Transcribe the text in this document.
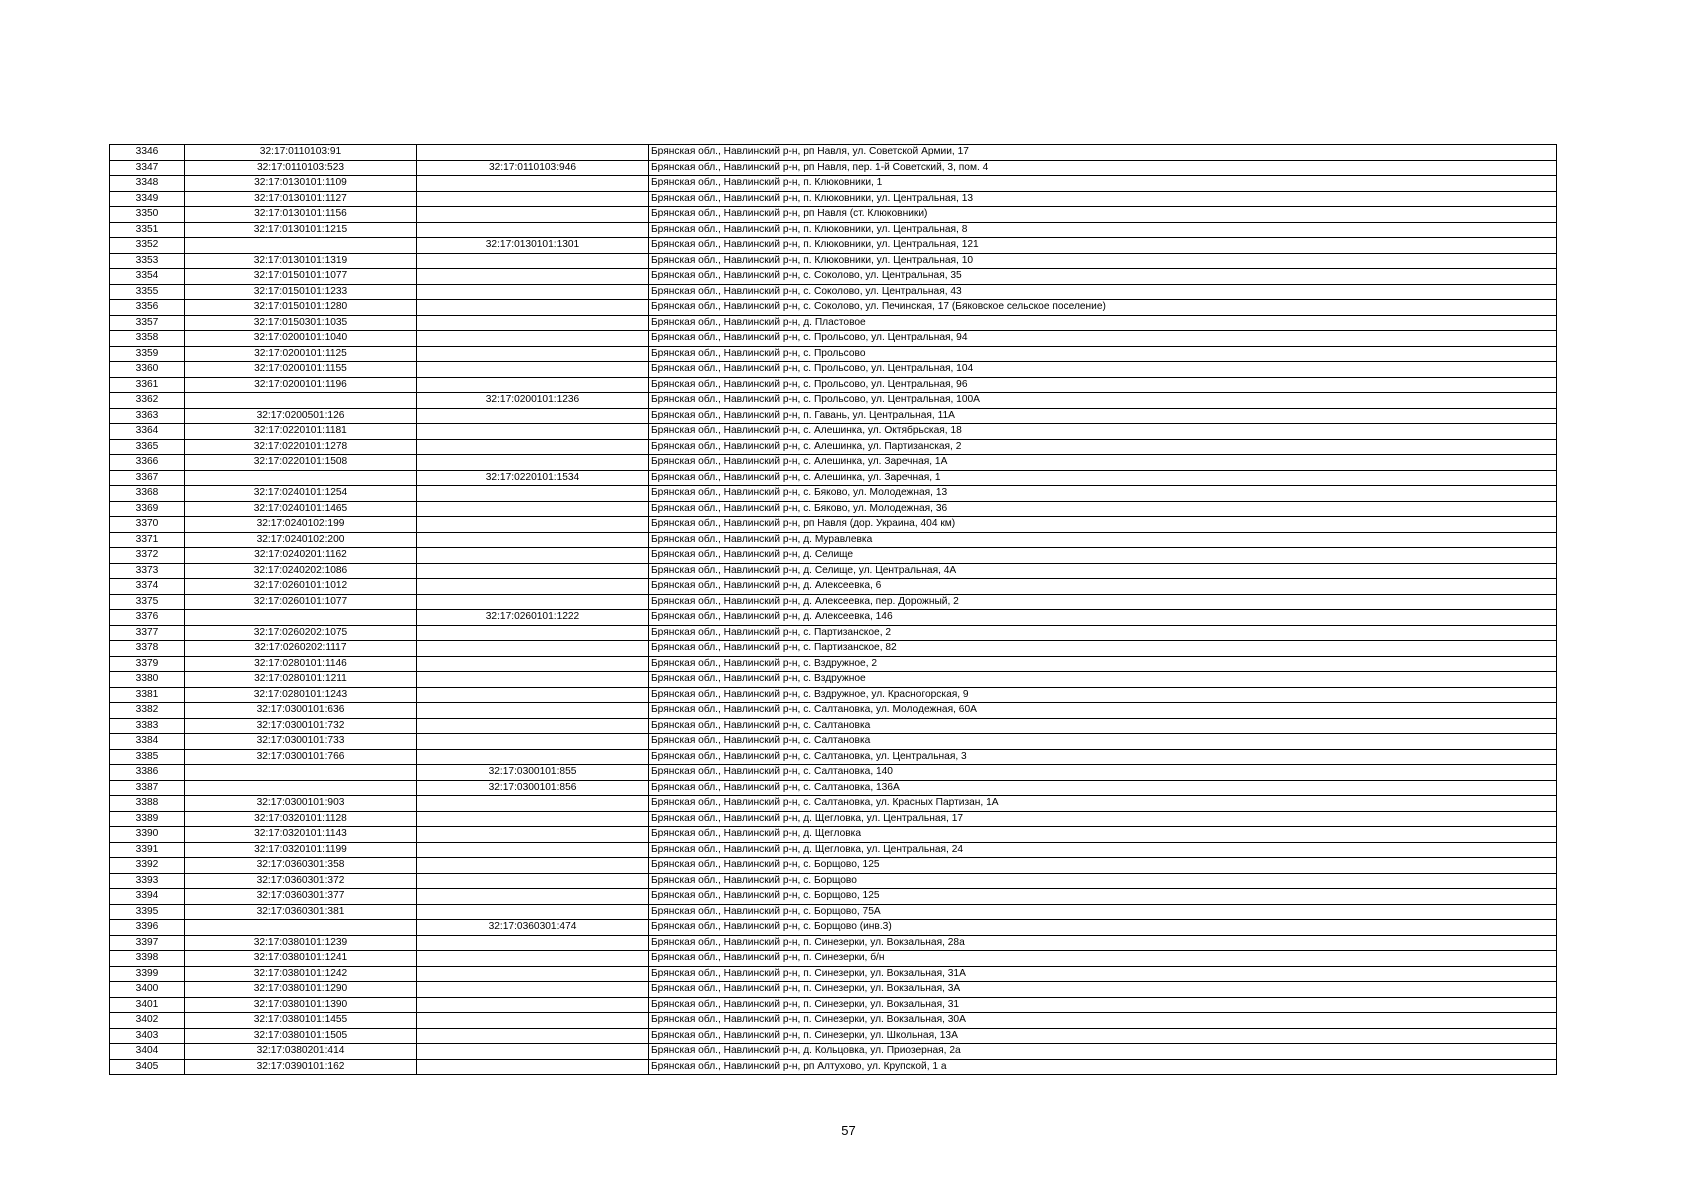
3346	32:17:0110103:91		Брянская обл., Навлинский р-н, рп Навля, ул. Советской Армии, 17
3347	32:17:0110103:523	32:17:0110103:946	Брянская обл., Навлинский р-н, рп Навля, пер. 1-й Советский, 3, пом. 4
3348	32:17:0130101:1109		Брянская обл., Навлинский р-н, п. Клюковники, 1
3349	32:17:0130101:1127		Брянская обл., Навлинский р-н, п. Клюковники, ул. Центральная, 13
3350	32:17:0130101:1156		Брянская обл., Навлинский р-н, рп Навля (ст. Клюковники)
3351	32:17:0130101:1215		Брянская обл., Навлинский р-н, п. Клюковники, ул. Центральная, 8
3352		32:17:0130101:1301	Брянская обл., Навлинский р-н, п. Клюковники, ул. Центральная, 121
3353	32:17:0130101:1319		Брянская обл., Навлинский р-н, п. Клюковники, ул. Центральная, 10
3354	32:17:0150101:1077		Брянская обл., Навлинский р-н, с. Соколово, ул. Центральная, 35
3355	32:17:0150101:1233		Брянская обл., Навлинский р-н, с. Соколово, ул. Центральная, 43
3356	32:17:0150101:1280		Брянская обл., Навлинский р-н, с. Соколово, ул. Печинская, 17 (Бяковское сельское поселение)
3357	32:17:0150301:1035		Брянская обл., Навлинский р-н, д. Пластовое
3358	32:17:0200101:1040		Брянская обл., Навлинский р-н, с. Прольсово, ул. Центральная, 94
3359	32:17:0200101:1125		Брянская обл., Навлинский р-н, с. Прольсово
3360	32:17:0200101:1155		Брянская обл., Навлинский р-н, с. Прольсово, ул. Центральная, 104
3361	32:17:0200101:1196		Брянская обл., Навлинский р-н, с. Прольсово, ул. Центральная, 96
3362		32:17:0200101:1236	Брянская обл., Навлинский р-н, с. Прольсово, ул. Центральная, 100А
3363	32:17:0200501:126		Брянская обл., Навлинский р-н, п. Гавань, ул. Центральная, 11А
3364	32:17:0220101:1181		Брянская обл., Навлинский р-н, с. Алешинка, ул. Октябрьская, 18
3365	32:17:0220101:1278		Брянская обл., Навлинский р-н, с. Алешинка, ул. Партизанская, 2
3366	32:17:0220101:1508		Брянская обл., Навлинский р-н, с. Алешинка, ул. Заречная, 1А
3367		32:17:0220101:1534	Брянская обл., Навлинский р-н, с. Алешинка, ул. Заречная, 1
3368	32:17:0240101:1254		Брянская обл., Навлинский р-н, с. Бяково, ул. Молодежная, 13
3369	32:17:0240101:1465		Брянская обл., Навлинский р-н, с. Бяково, ул. Молодежная, 36
3370	32:17:0240102:199		Брянская обл., Навлинский р-н, рп Навля (дор. Украина, 404 км)
3371	32:17:0240102:200		Брянская обл., Навлинский р-н, д. Муравлевка
3372	32:17:0240201:1162		Брянская обл., Навлинский р-н, д. Селище
3373	32:17:0240202:1086		Брянская обл., Навлинский р-н, д. Селище, ул. Центральная, 4А
3374	32:17:0260101:1012		Брянская обл., Навлинский р-н, д. Алексеевка, 6
3375	32:17:0260101:1077		Брянская обл., Навлинский р-н, д. Алексеевка, пер. Дорожный, 2
3376		32:17:0260101:1222	Брянская обл., Навлинский р-н, д. Алексеевка, 146
3377	32:17:0260202:1075		Брянская обл., Навлинский р-н, с. Партизанское, 2
3378	32:17:0260202:1117		Брянская обл., Навлинский р-н, с. Партизанское, 82
3379	32:17:0280101:1146		Брянская обл., Навлинский р-н, с. Вздружное, 2
3380	32:17:0280101:1211		Брянская обл., Навлинский р-н, с. Вздружное
3381	32:17:0280101:1243		Брянская обл., Навлинский р-н, с. Вздружное, ул. Красногорская, 9
3382	32:17:0300101:636		Брянская обл., Навлинский р-н, с. Салтановка, ул. Молодежная, 60А
3383	32:17:0300101:732		Брянская обл., Навлинский р-н, с. Салтановка
3384	32:17:0300101:733		Брянская обл., Навлинский р-н, с. Салтановка
3385	32:17:0300101:766		Брянская обл., Навлинский р-н, с. Салтановка, ул. Центральная, 3
3386		32:17:0300101:855	Брянская обл., Навлинский р-н, с. Салтановка, 140
3387		32:17:0300101:856	Брянская обл., Навлинский р-н, с. Салтановка, 136А
3388	32:17:0300101:903		Брянская обл., Навлинский р-н, с. Салтановка, ул. Красных Партизан, 1А
3389	32:17:0320101:1128		Брянская обл., Навлинский р-н, д. Щегловка, ул. Центральная, 17
3390	32:17:0320101:1143		Брянская обл., Навлинский р-н, д. Щегловка
3391	32:17:0320101:1199		Брянская обл., Навлинский р-н, д. Щегловка, ул. Центральная, 24
3392	32:17:0360301:358		Брянская обл., Навлинский р-н, с. Борщово, 125
3393	32:17:0360301:372		Брянская обл., Навлинский р-н, с. Борщово
3394	32:17:0360301:377		Брянская обл., Навлинский р-н, с. Борщово, 125
3395	32:17:0360301:381		Брянская обл., Навлинский р-н, с. Борщово, 75А
3396		32:17:0360301:474	Брянская обл., Навлинский р-н, с. Борщово (инв.3)
3397	32:17:0380101:1239		Брянская обл., Навлинский р-н, п. Синезерки, ул. Вокзальная, 28а
3398	32:17:0380101:1241		Брянская обл., Навлинский р-н, п. Синезерки, б/н
3399	32:17:0380101:1242		Брянская обл., Навлинский р-н, п. Синезерки, ул. Вокзальная, 31А
3400	32:17:0380101:1290		Брянская обл., Навлинский р-н, п. Синезерки, ул. Вокзальная, 3А
3401	32:17:0380101:1390		Брянская обл., Навлинский р-н, п. Синезерки, ул. Вокзальная, 31
3402	32:17:0380101:1455		Брянская обл., Навлинский р-н, п. Синезерки, ул. Вокзальная, 30А
3403	32:17:0380101:1505		Брянская обл., Навлинский р-н, п. Синезерки, ул. Школьная, 13А
3404	32:17:0380201:414		Брянская обл., Навлинский р-н, д. Кольцовка, ул. Приозерная, 2а
3405	32:17:0390101:162		Брянская обл., Навлинский р-н, рп Алтухово, ул. Крупской, 1 а
57
